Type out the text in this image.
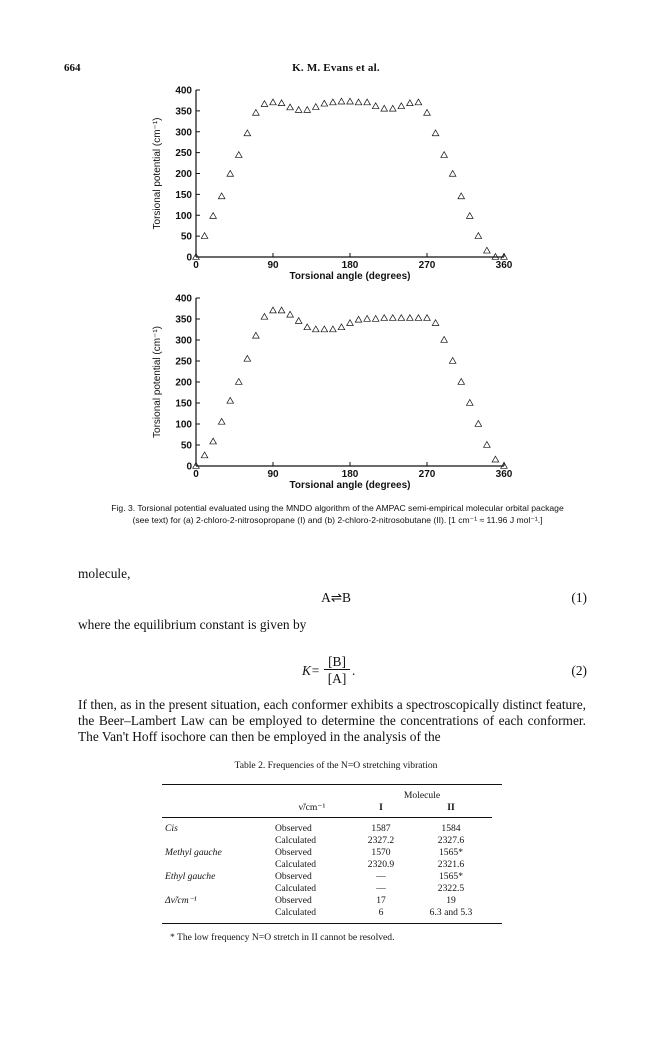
664	K. M. Evans et al.
0
50
100
150
200
250
300
350
400
0	90	180	270	360
Torsional angle (degrees)
Torsional potential (cm⁻¹)
0
50
100
150
200
250
300
350
400
0	90	180	270	360
Torsional angle (degrees)
Torsional potential (cm⁻¹)
Fig. 3. Torsional potential evaluated using the MNDO algorithm of the AMPAC semi-empirical molecular orbital package (see text) for (a) 2-chloro-2-nitrosopropane (I) and (b) 2-chloro-2-nitrosobutane (II). [1 cm⁻¹ ≈ 11.96 J mol⁻¹.]
molecule,
A⇌B	(1)
where the equilibrium constant is given by
K=
[B]
[A]
.	(2)
If then, as in the present situation, each conformer exhibits a spectroscopically distinct feature, the Beer–Lambert Law can be employed to determine the concentrations of each conformer. The Van't Hoff isochore can then be employed in the analysis of the
Table 2. Frequencies of the N=O stretching vibration
		Molecule	
	ν̃/cm⁻¹	I	II

Cis	Observed	1587	1584
	Calculated	2327.2	2327.6
Methyl gauche	Observed	1570	1565*
	Calculated	2320.9	2321.6
Ethyl gauche	Observed	—	1565*
	Calculated	—	2322.5
Δν̃/cm⁻¹	Observed	17	19
	Calculated	6	6.3 and 5.3
* The low frequency N=O stretch in II cannot be resolved.
